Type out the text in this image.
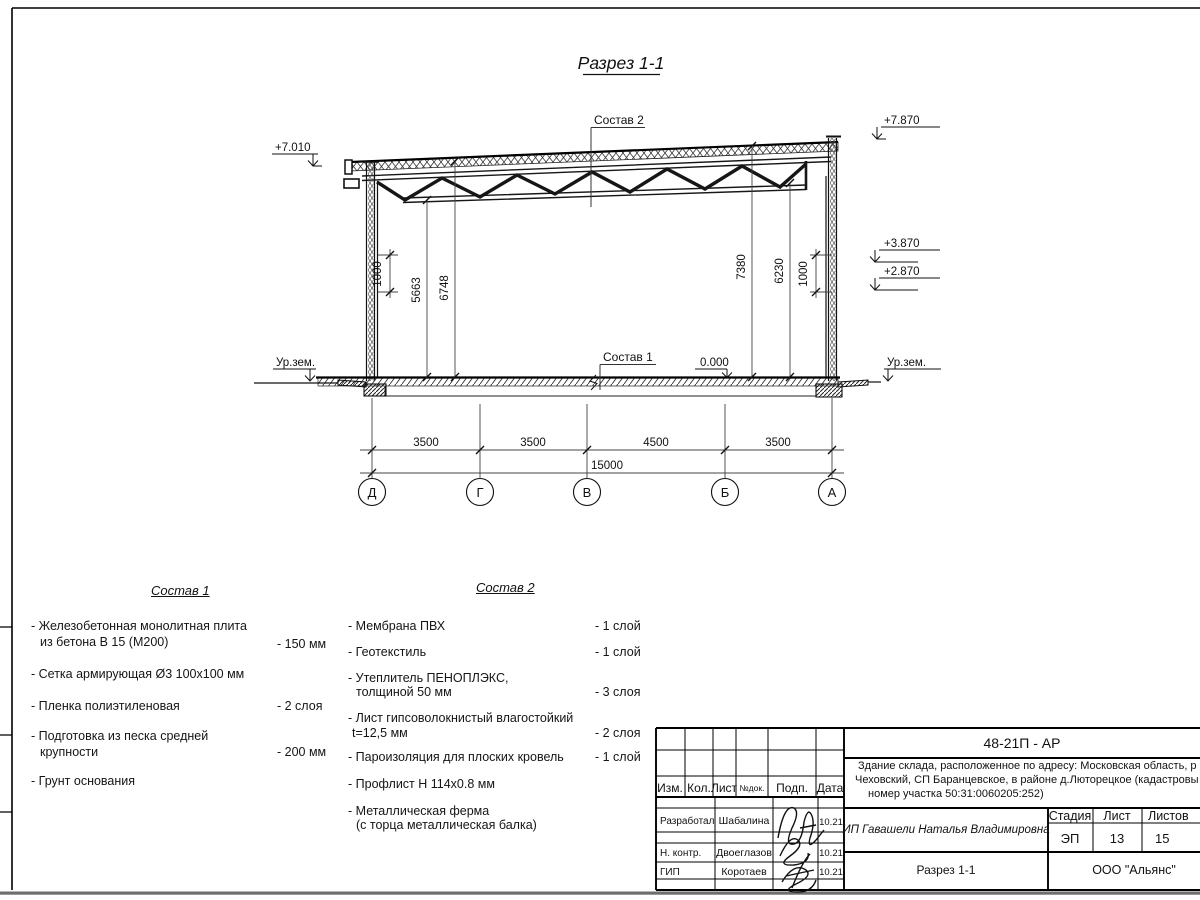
Разрез 1-1
+7.010
+7.870
+3.870
+2.870
0.000
Ур.зем.	Ур.зем.
Состав 2
Состав 1
5663 6748
7380 6230
1000	1000
3500	3500	4500	3500
15000
Д	Г	В	Б	А
48-21П - АР
Здание склада, расположенное по адресу: Московская область, р
Чеховский, СП Баранцевское, в районе д.Люторецкое (кадастровы
номер участка 50:31:0060205:252)
Изм. Кол. Лист №док. Подп. Дата
Разработал Шабалина	10.21
Н. контр. Двоеглазов	10.21
ГИП	Коротаев	10.21
ИП Гавашели Наталья Владимировна
Стадия Лист Листов
ЭП 13 15
Разрез 1-1	ООО "Альянс"
Состав 1
- Железобетонная монолитная плита
из бетона В 15 (М200)	- 150 мм
- Сетка армирующая Ø3 100х100 мм
- Пленка полиэтиленовая	- 2 слоя
- Подготовка из песка средней
крупности	- 200 мм
- Грунт основания
Состав 2
- Мембрана ПВХ	- 1 слой
- Геотекстиль	- 1 слой
- Утеплитель ПЕНОПЛЭКС,
толщиной 50 мм	- 3 слоя
- Лист гипсоволокнистый влагостойкий
t=12,5 мм	- 2 слоя
- Пароизоляция для плоских кровель - 1 слой
- Профлист Н 114х0.8 мм
- Металлическая ферма
(с торца металлическая балка)
